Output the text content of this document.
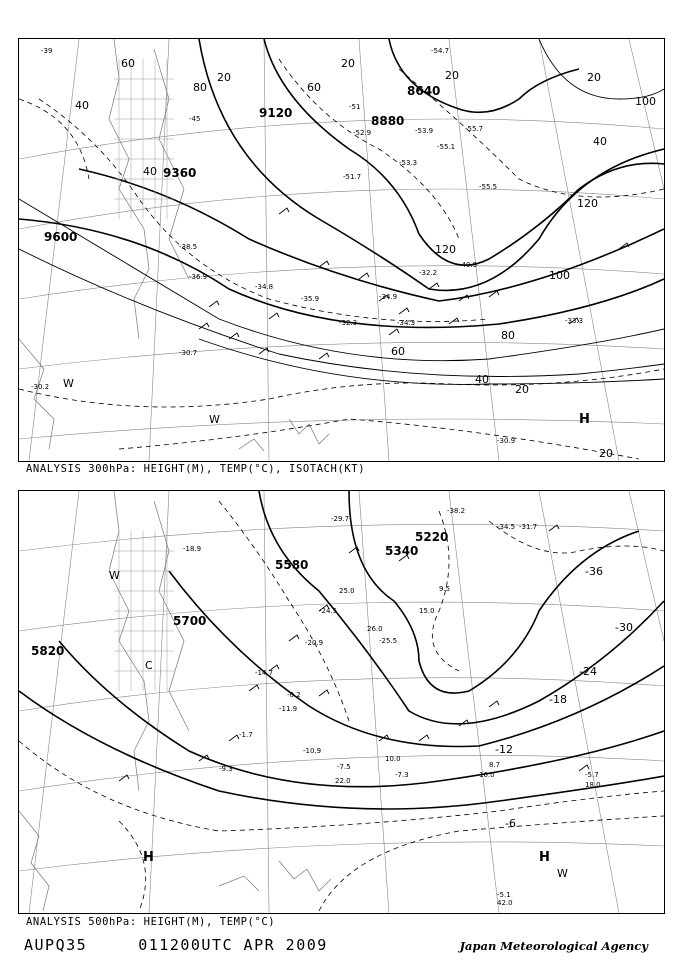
9120
8880
8640
9360
9600
60	20
20
80	60
20	20
100
40
40
40
120
120
100
80
60
40
20
20
-39
-45
-51
-54.7
-53.9
-55.1
-55.7
-51.7
-40.9
-34.9
-34.3	-33.3
-30.7
-35.9
-32.3
-32.2
-34.8
-30.9
-52.9
-53.3
-55.5
-38.5
-36.9
-30.2
H
W
W
ANALYSIS 300hPa: HEIGHT(M), TEMP(°C), ISOTACH(KT)
5340
5220
5580
5700
5820
-36
-30
-24
-18
-12
-6
-38.2
-34.5 -31.7
-29.7
-25.5
-24.5
-20.9
-18.9
-14.7
-11.9
-10.9
-9.3	-7.5
-7.3	-5.7
-5.1
-1.7
-0.2
25.0
26.0
22.0
16.0
18.0
42.0
10.0
15.0
8.7
9.5
H	H
C
W
W
ANALYSIS 500hPa: HEIGHT(M), TEMP(°C)
AUPQ35	011200UTC APR 2009	Japan Meteorological Agency
